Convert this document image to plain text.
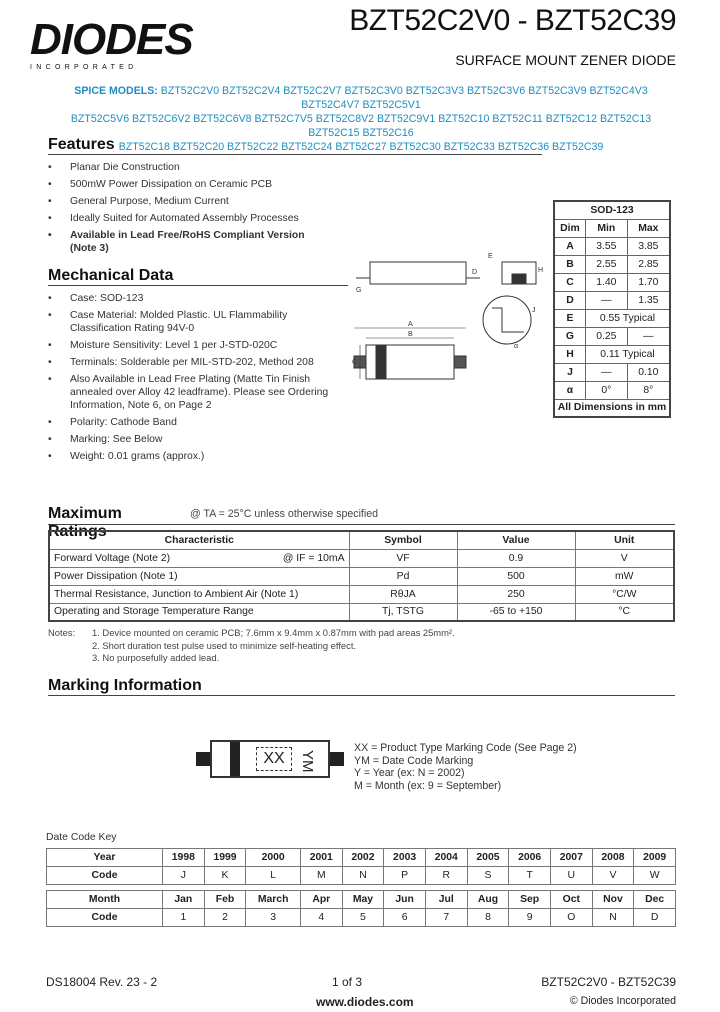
DIODES
INCORPORATED
BZT52C2V0 - BZT52C39
SURFACE MOUNT ZENER DIODE
SPICE MODELS: BZT52C2V0 BZT52C2V4 BZT52C2V7 BZT52C3V0 BZT52C3V3 BZT52C3V6 BZT52C3V9 BZT52C4V3 BZT52C4V7 BZT52C5V1
BZT52C5V6 BZT52C6V2 BZT52C6V8 BZT52C7V5 BZT52C8V2 BZT52C9V1 BZT52C10 BZT52C11 BZT52C12 BZT52C13 BZT52C15 BZT52C16
BZT52C18 BZT52C20 BZT52C22 BZT52C24 BZT52C27 BZT52C30 BZT52C33 BZT52C36 BZT52C39
Features
• Planar Die Construction
• 500mW Power Dissipation on Ceramic PCB
• General Purpose, Medium Current
• Ideally Suited for Automated Assembly Processes
• Available in Lead Free/RoHS Compliant Version (Note 3)
Mechanical Data
• Case: SOD-123
• Case Material: Molded Plastic. UL Flammability Classification Rating 94V-0
• Moisture Sensitivity: Level 1 per J-STD-020C
• Terminals: Solderable per MIL-STD-202, Method 208
• Also Available in Lead Free Plating (Matte Tin Finish annealed over Alloy 42 leadframe). Please see Ordering Information, Note 6, on Page 2
• Polarity: Cathode Band
• Marking: See Below
• Weight: 0.01 grams (approx.)
A
B
C
D
E
G
H
J
α
SOD-123		
Dim	Min	Max
A	3.55	3.85
B	2.55	2.85
C	1.40	1.70
D	—	1.35
E	0.55 Typical	
G	0.25	—
H	0.11 Typical	
J	—	0.10
α	0°	8°
All Dimensions in mm		
Maximum Ratings
@ TA = 25°C unless otherwise specified
Characteristic	Symbol	Value	Unit
Forward Voltage (Note 2) @ IF = 10mA	VF	0.9	V
Power Dissipation (Note 1)	Pd	500	mW
Thermal Resistance, Junction to Ambient Air (Note 1)	RθJA	250	°C/W
Operating and Storage Temperature Range	Tj, TSTG	-65 to +150	°C
Notes: 1. Device mounted on ceramic PCB; 7.6mm x 9.4mm x 0.87mm with pad areas 25mm².
2. Short duration test pulse used to minimize self-heating effect.
3. No purposefully added lead.
Marking Information
XX YM
XX = Product Type Marking Code (See Page 2)
YM = Date Code Marking
Y = Year (ex: N = 2002)
M = Month (ex: 9 = September)
Date Code Key
Year	1998	1999	2000	2001	2002	2003	2004	2005	2006	2007	2008	2009
Code	J	K	L	M	N	P	R	S	T	U	V	W

Month	Jan	Feb	March	Apr	May	Jun	Jul	Aug	Sep	Oct	Nov	Dec
Code	1	2	3	4	5	6	7	8	9	O	N	D
DS18004 Rev. 23 - 2	1 of 3
www.diodes.com
BZT52C2V0 - BZT52C39
© Diodes Incorporated
